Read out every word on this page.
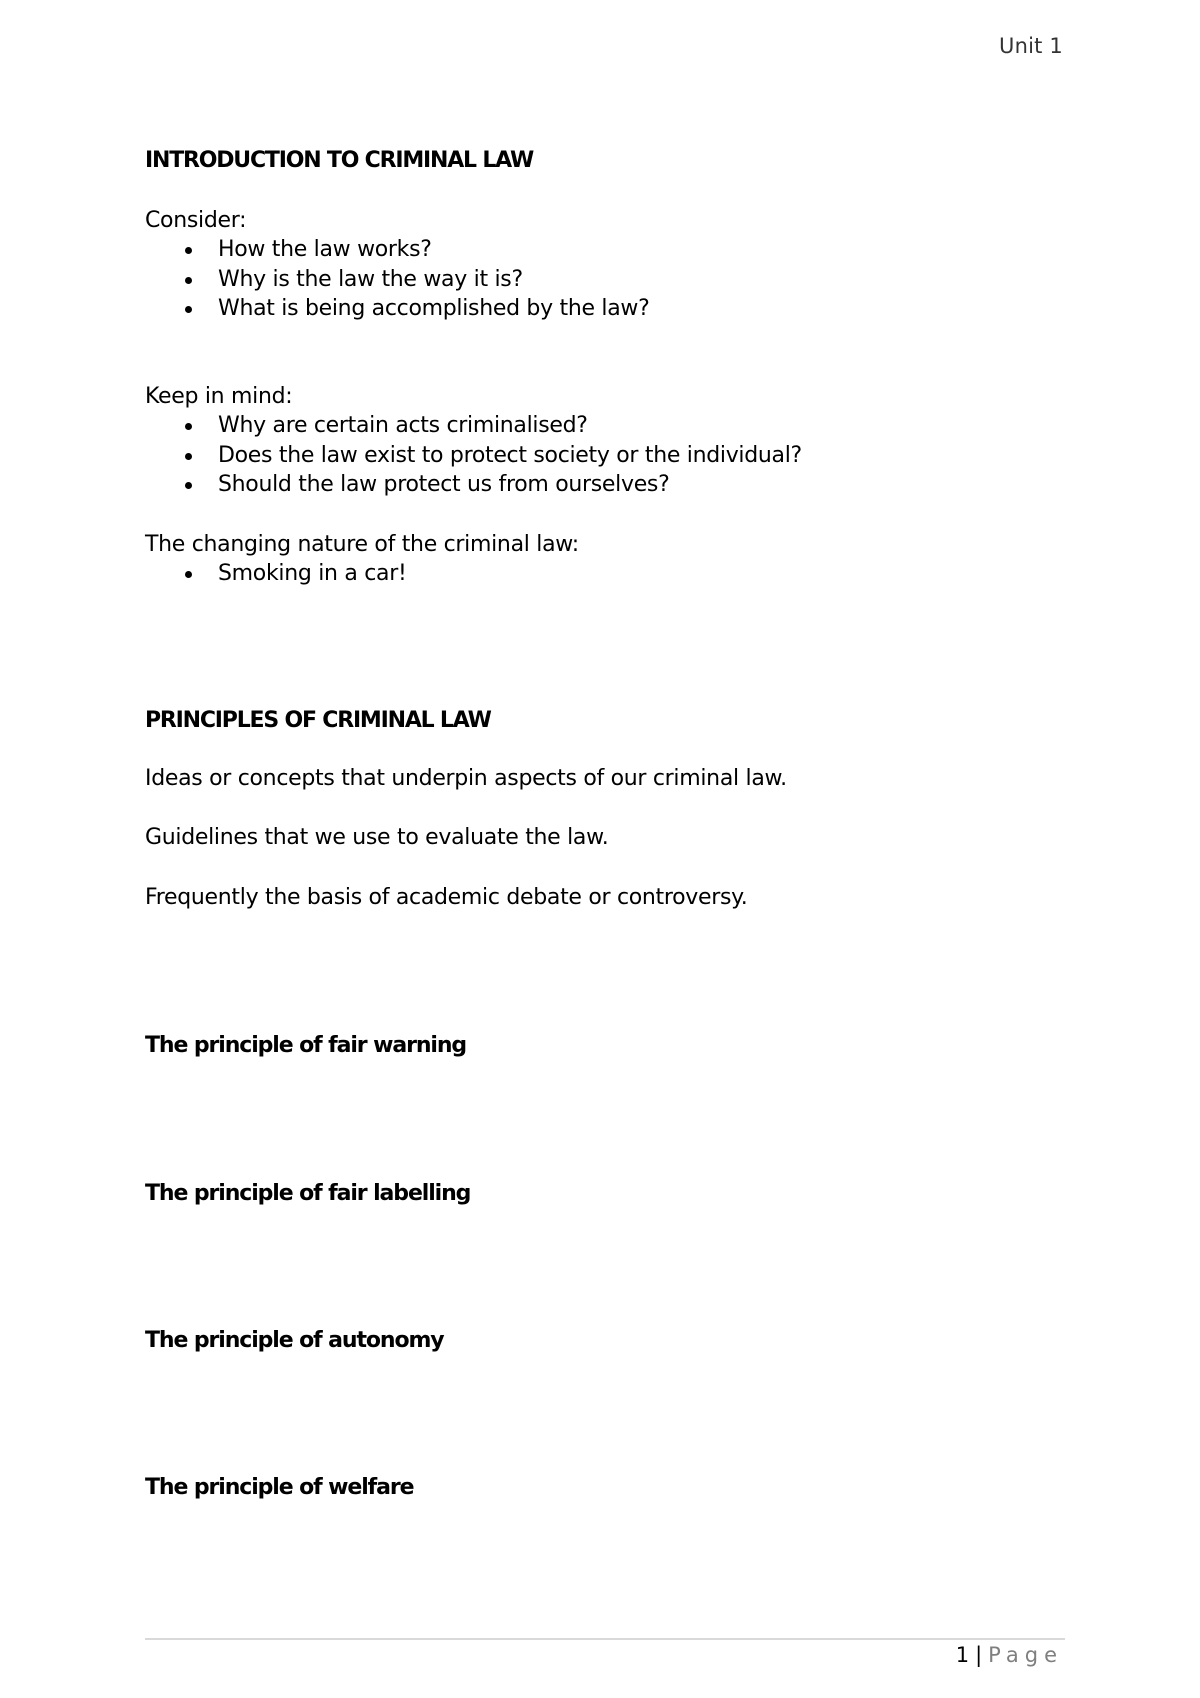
Unit 1
INTRODUCTION TO CRIMINAL LAW

Consider:

How the law works?
Why is the law the way it is?
What is being accomplished by the law?

Keep in mind:

Why are certain acts criminalised?
Does the law exist to protect society or the individual?
Should the law protect us from ourselves?

The changing nature of the criminal law:

Smoking in a car!
PRINCIPLES OF CRIMINAL LAW

Ideas or concepts that underpin aspects of our criminal law.

Guidelines that we use to evaluate the law.

Frequently the basis of academic debate or controversy.

The principle of fair warning
The principle of fair labelling
The principle of autonomy
The principle of welfare
1 | Page
